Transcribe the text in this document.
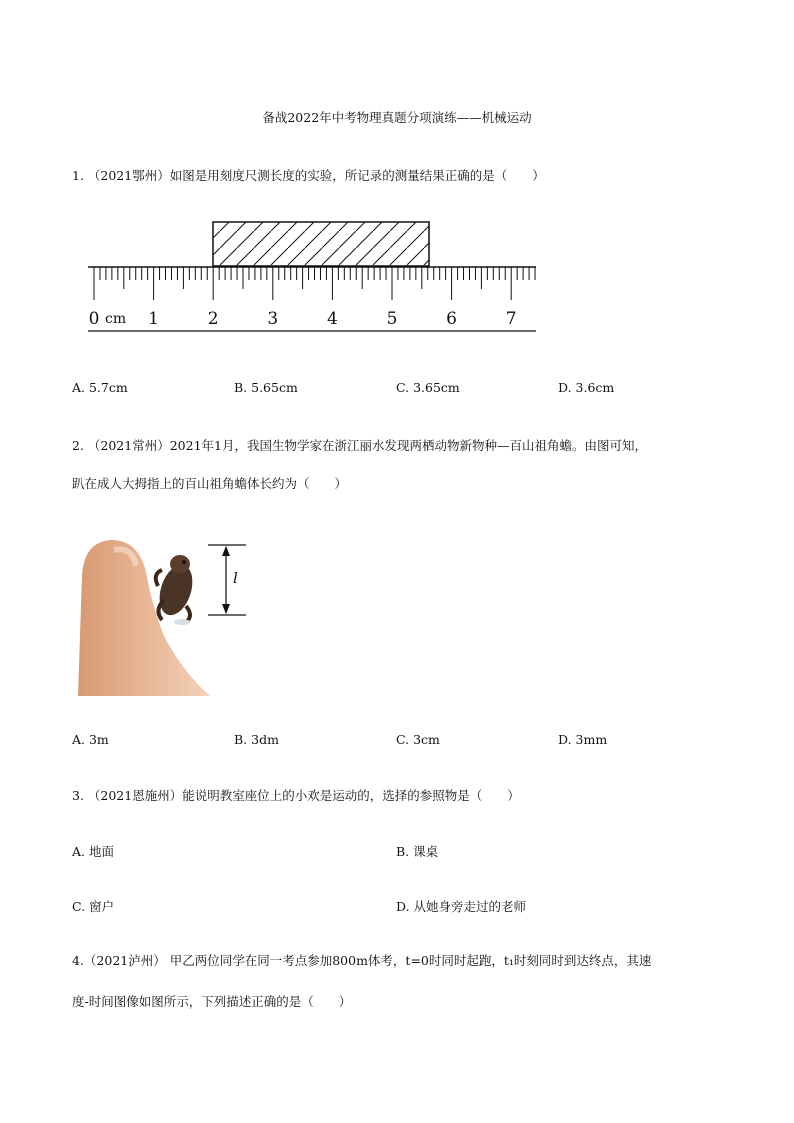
备战2022年中考物理真题分项演练——机械运动
1. （2021鄂州）如图是用刻度尺测长度的实验，所记录的测量结果正确的是（　　）
0	1	2	3	4	5	6	7
cm
A. 5.7cm	B. 5.65cm	C. 3.65cm	D. 3.6cm
2. （2021常州）2021年1月，我国生物学家在浙江丽水发现两栖动物新物种—百山祖角蟾。由图可知，
趴在成人大拇指上的百山祖角蟾体长约为（　　）
l
A. 3m	B. 3dm	C. 3cm	D. 3mm
3. （2021恩施州）能说明教室座位上的小欢是运动的，选择的参照物是（　　）
A. 地面	B. 课桌
C. 窗户	D. 从她身旁走过的老师
4.（2021泸州） 甲乙两位同学在同一考点参加800m体考，t=0时同时起跑，t₁时刻同时到达终点，其速
度-时间图像如图所示，下列描述正确的是（　　）
